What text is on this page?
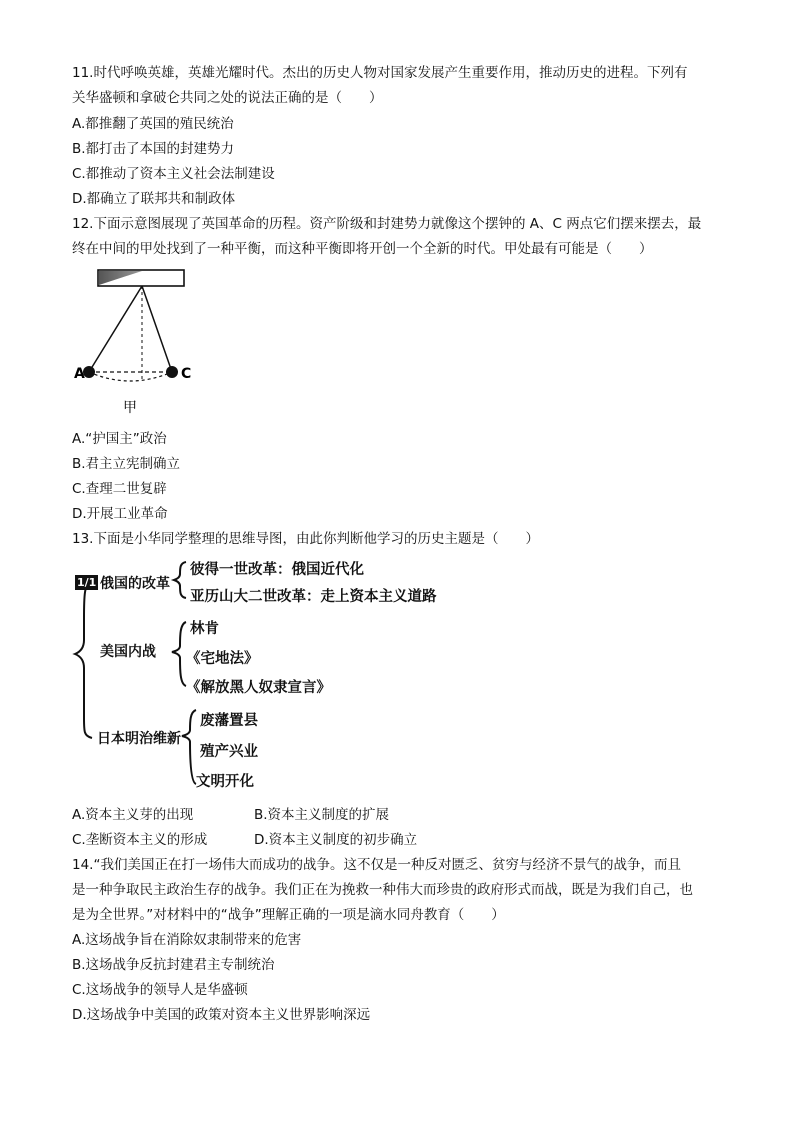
11.时代呼唤英雄，英雄光耀时代。杰出的历史人物对国家发展产生重要作用，推动历史的进程。下列有
关华盛顿和拿破仑共同之处的说法正确的是（　　）
A.都推翻了英国的殖民统治
B.都打击了本国的封建势力
C.都推动了资本主义社会法制建设
D.都确立了联邦共和制政体
12.下面示意图展现了英国革命的历程。资产阶级和封建势力就像这个摆钟的 A、C 两点它们摆来摆去，最
终在中间的甲处找到了一种平衡，而这种平衡即将开创一个全新的时代。甲处最有可能是（　　）
A	C
甲
A.“护国主”政治
B.君主立宪制确立
C.查理二世复辟
D.开展工业革命
13.下面是小华同学整理的思维导图，由此你判断他学习的历史主题是（　　）
1/1 俄国的改革
彼得一世改革：俄国近代化
亚历山大二世改革：走上资本主义道路
美国内战
林肯
《宅地法》
《解放黑人奴隶宣言》
日本明治维新
废藩置县
殖产兴业
文明开化
A.资本主义芽的出现	B.资本主义制度的扩展
C.垄断资本主义的形成	D.资本主义制度的初步确立
14.“我们美国正在打一场伟大而成功的战争。这不仅是一种反对匮乏、贫穷与经济不景气的战争，而且
是一种争取民主政治生存的战争。我们正在为挽救一种伟大而珍贵的政府形式而战，既是为我们自己，也
是为全世界。”对材料中的“战争”理解正确的一项是滴水同舟教育（　　）
A.这场战争旨在消除奴隶制带来的危害
B.这场战争反抗封建君主专制统治
C.这场战争的领导人是华盛顿
D.这场战争中美国的政策对资本主义世界影响深远
